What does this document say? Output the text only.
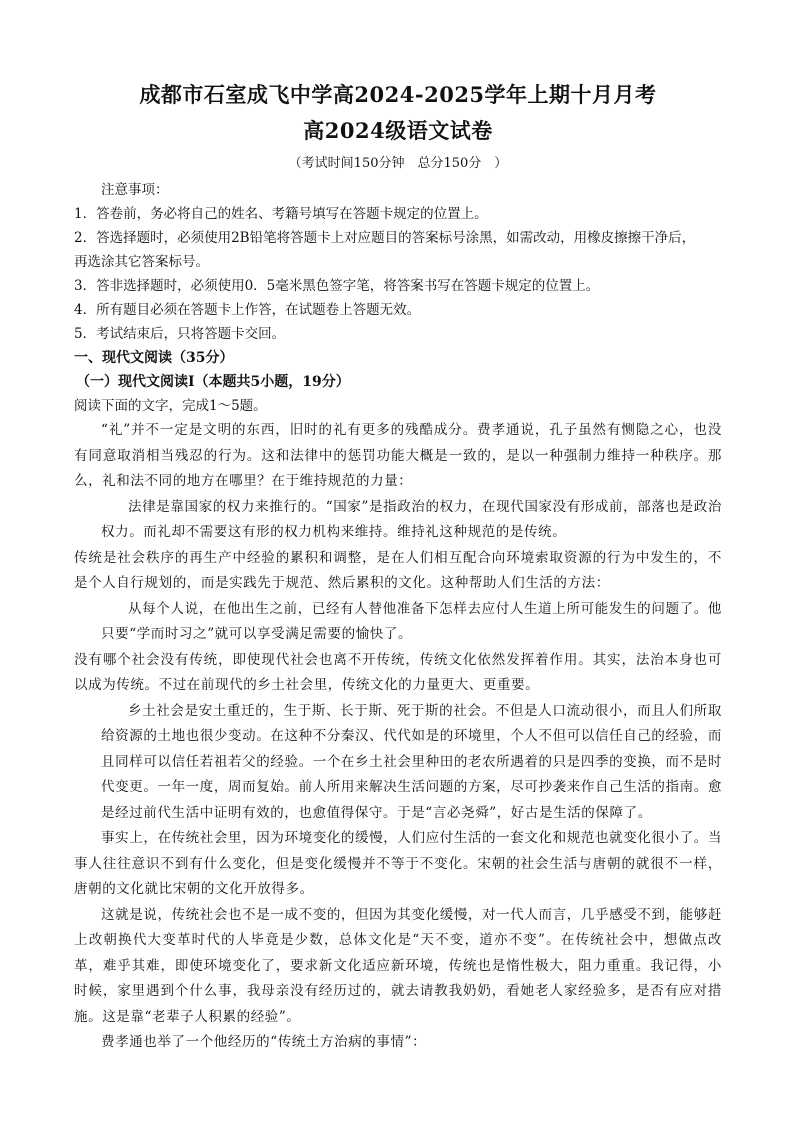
成都市石室成飞中学高2024-2025学年上期十月月考
高2024级语文试卷

（考试时间150分钟　总分150分　）

注意事项：

1．答卷前，务必将自己的姓名、考籍号填写在答题卡规定的位置上。

2．答选择题时，必须使用2B铅笔将答题卡上对应题目的答案标号涂黑，如需改动，用橡皮擦擦干净后，

再选涂其它答案标号。

3．答非选择题时，必须使用0．5毫米黑色签字笔，将答案书写在答题卡规定的位置上。

4．所有题目必须在答题卡上作答，在试题卷上答题无效。

5．考试结束后，只将答题卡交回。

一、现代文阅读（35分）

（一）现代文阅读Ⅰ（本题共5小题，19分）

阅读下面的文字，完成1～5题。

“礼”并不一定是文明的东西，旧时的礼有更多的残酷成分。费孝通说，孔子虽然有恻隐之心，也没有同意取消相当残忍的行为。这和法律中的惩罚功能大概是一致的，是以一种强制力维持一种秩序。那么，礼和法不同的地方在哪里？在于维持规范的力量：

法律是靠国家的权力来推行的。“国家”是指政治的权力，在现代国家没有形成前，部落也是政治权力。而礼却不需要这有形的权力机构来维持。维持礼这种规范的是传统。

传统是社会秩序的再生产中经验的累积和调整，是在人们相互配合向环境索取资源的行为中发生的，不是个人自行规划的，而是实践先于规范、然后累积的文化。这种帮助人们生活的方法：

从每个人说，在他出生之前，已经有人替他准备下怎样去应付人生道上所可能发生的问题了。他只要“学而时习之”就可以享受满足需要的愉快了。

没有哪个社会没有传统，即使现代社会也离不开传统，传统文化依然发挥着作用。其实，法治本身也可以成为传统。不过在前现代的乡土社会里，传统文化的力量更大、更重要。

乡土社会是安土重迁的，生于斯、长于斯、死于斯的社会。不但是人口流动很小，而且人们所取给资源的土地也很少变动。在这种不分秦汉、代代如是的环境里，个人不但可以信任自己的经验，而且同样可以信任若祖若父的经验。一个在乡土社会里种田的老农所遇着的只是四季的变换，而不是时代变更。一年一度，周而复始。前人所用来解决生活问题的方案，尽可抄袭来作自己生活的指南。愈是经过前代生活中证明有效的，也愈值得保守。于是“言必尧舜”，好古是生活的保障了。

事实上，在传统社会里，因为环境变化的缓慢，人们应付生活的一套文化和规范也就变化很小了。当事人往往意识不到有什么变化，但是变化缓慢并不等于不变化。宋朝的社会生活与唐朝的就很不一样，唐朝的文化就比宋朝的文化开放得多。

这就是说，传统社会也不是一成不变的，但因为其变化缓慢，对一代人而言，几乎感受不到，能够赶上改朝换代大变革时代的人毕竟是少数，总体文化是“天不变，道亦不变”。在传统社会中，想做点改革，难乎其难，即使环境变化了，要求新文化适应新环境，传统也是惰性极大，阻力重重。我记得，小时候，家里遇到个什么事，我母亲没有经历过的，就去请教我奶奶，看她老人家经验多，是否有应对措施。这是靠“老辈子人积累的经验”。

费孝通也举了一个他经历的“传统土方治病的事情”：
